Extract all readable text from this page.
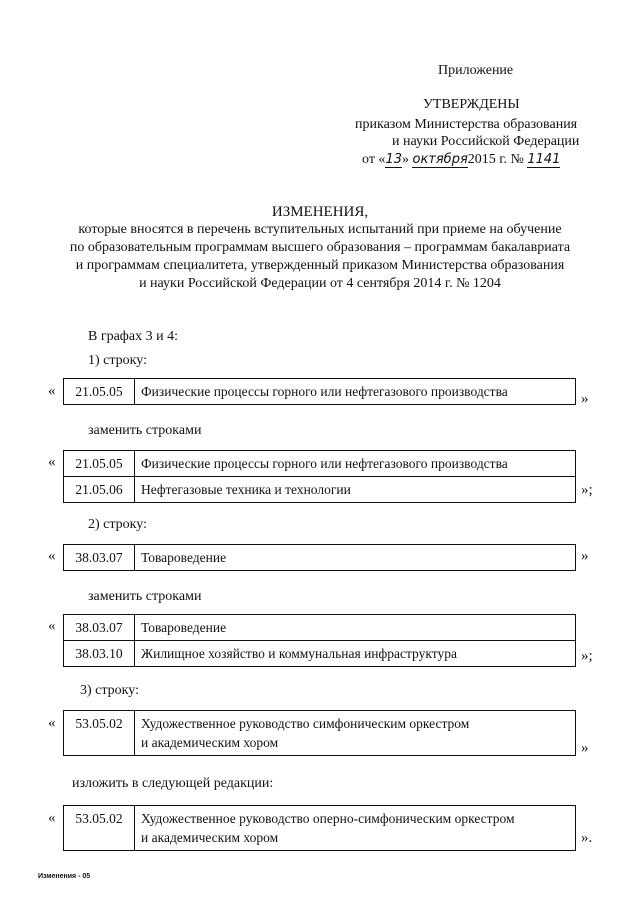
Приложение
УТВЕРЖДЕНЫ
приказом Министерства образования
и науки Российской Федерации
от «13» октября2015 г. № 1141
ИЗМЕНЕНИЯ,
которые вносятся в перечень вступительных испытаний при приеме на обучение
по образовательным программам высшего образования – программам бакалавриата
и программам специалитета, утвержденный приказом Министерства образования
и науки Российской Федерации от 4 сентября 2014 г. № 1204
В графах 3 и 4:
1) строку:
« 21.05.05	Физические процессы горного или нефтегазового производства	»
заменить строками
« 21.05.05	Физические процессы горного или нефтегазового производства
21.05.06	Нефтегазовые техника и технологии	»;
2) строку:
« 38.03.07	Товароведение	»
заменить строками
« 38.03.07	Товароведение
38.03.10	Жилищное хозяйство и коммунальная инфраструктура	»;
3) строку:
« 53.05.02	Художественное руководство симфоническим оркестром
и академическим хором	»
изложить в следующей редакции:
« 53.05.02	Художественное руководство оперно-симфоническим оркестром
и академическим хором	».
Изменения - 05
